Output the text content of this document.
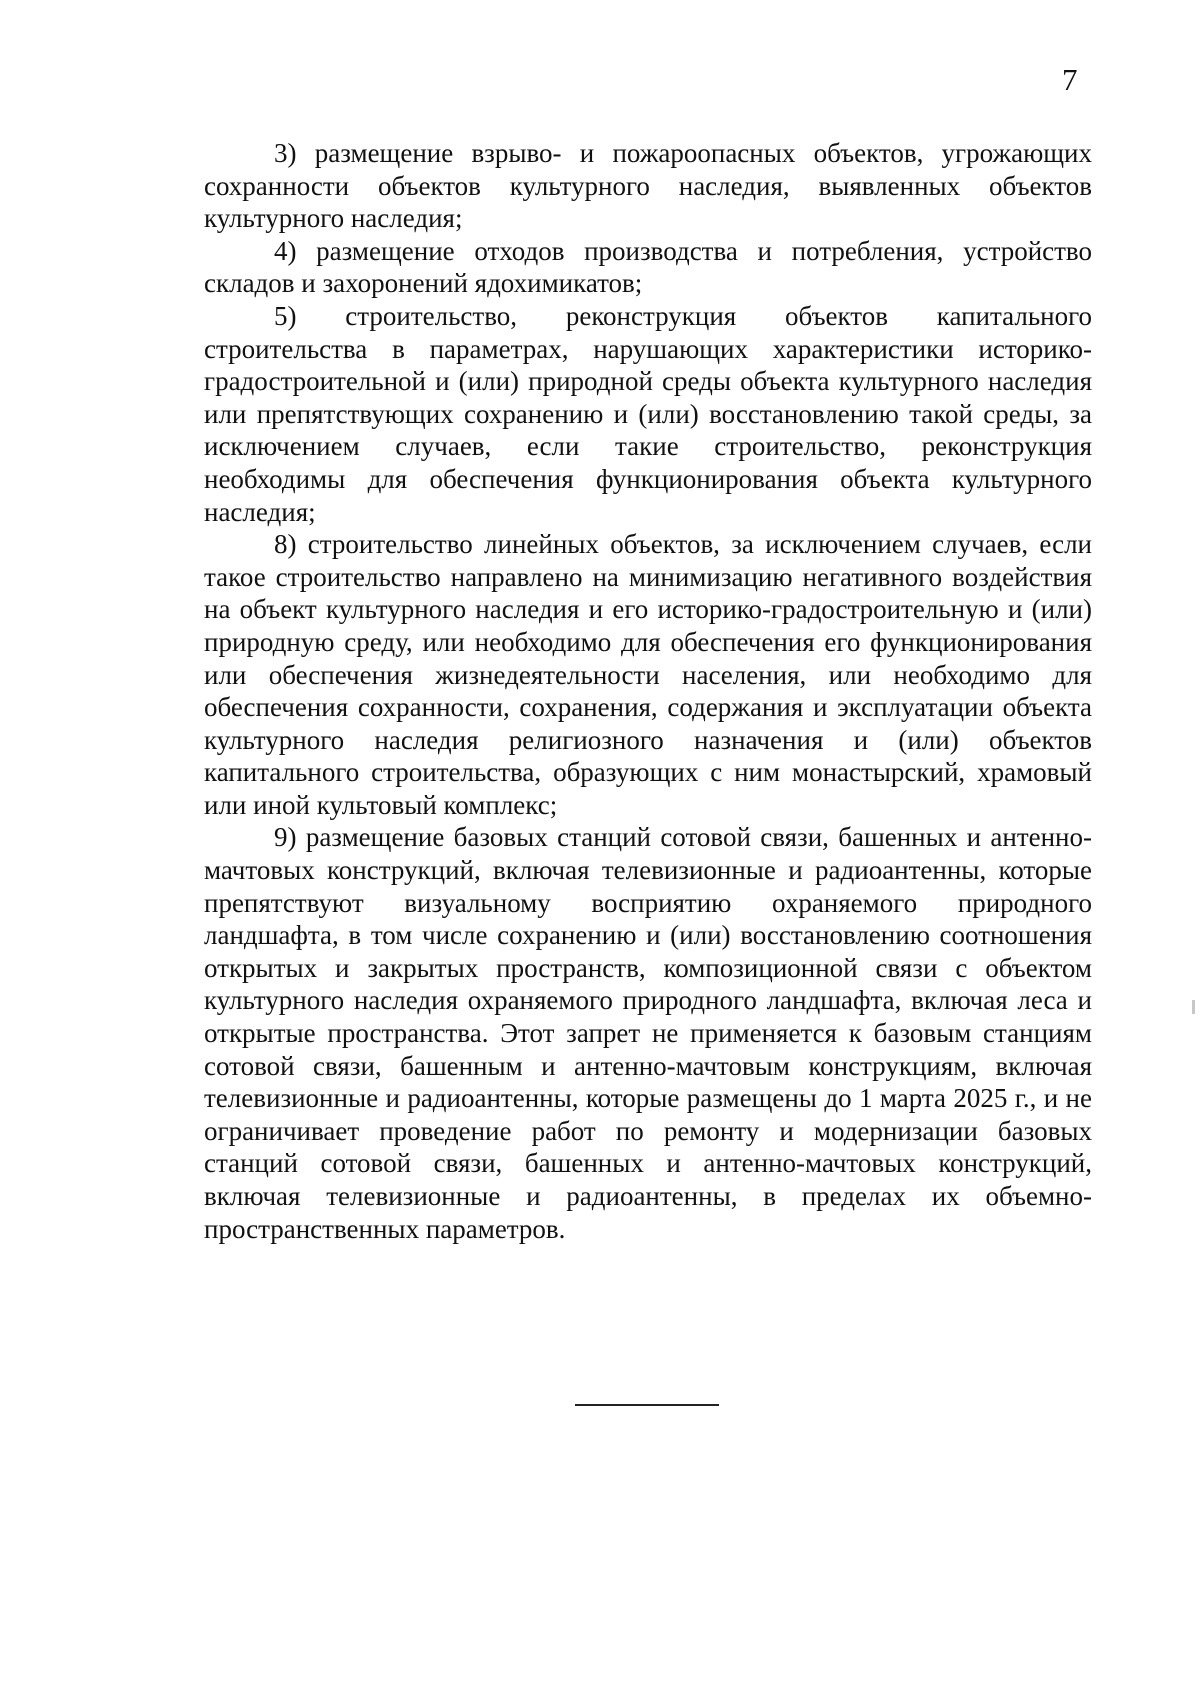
7

3) размещение взрыво- и пожароопасных объектов, угрожающих сохранности объектов культурного наследия, выявленных объектов культурного наследия;

4) размещение отходов производства и потребления, устройство складов и захоронений ядохимикатов;

5) строительство, реконструкция объектов капитального строительства в параметрах, нарушающих характеристики историко-градостроительной и (или) природной среды объекта культурного наследия или препятствующих сохранению и (или) восстановлению такой среды, за исключением случаев, если такие строительство, реконструкция необходимы для обеспечения функционирования объекта культурного наследия;

8) строительство линейных объектов, за исключением случаев, если такое строительство направлено на минимизацию негативного воздействия на объект культурного наследия и его историко-градостроительную и (или) природную среду, или необходимо для обеспечения его функционирования или обеспечения жизнедеятельности населения, или необходимо для обеспечения сохранности, сохранения, содержания и эксплуатации объекта культурного наследия религиозного назначения и (или) объектов капитального строительства, образующих с ним монастырский, храмовый или иной культовый комплекс;

9) размещение базовых станций сотовой связи, башенных и антенно-мачтовых конструкций, включая телевизионные и радиоантенны, которые препятствуют визуальному восприятию охраняемого природного ландшафта, в том числе сохранению и (или) восстановлению соотношения открытых и закрытых пространств, композиционной связи с объектом культурного наследия охраняемого природного ландшафта, включая леса и открытые пространства. Этот запрет не применяется к базовым станциям сотовой связи, башенным и антенно-мачтовым конструкциям, включая телевизионные и радиоантенны, которые размещены до 1 марта 2025 г., и не ограничивает проведение работ по ремонту и модернизации базовых станций сотовой связи, башенных и антенно-мачтовых конструкций, включая телевизионные и радиоантенны, в пределах их объемно-пространственных параметров.
